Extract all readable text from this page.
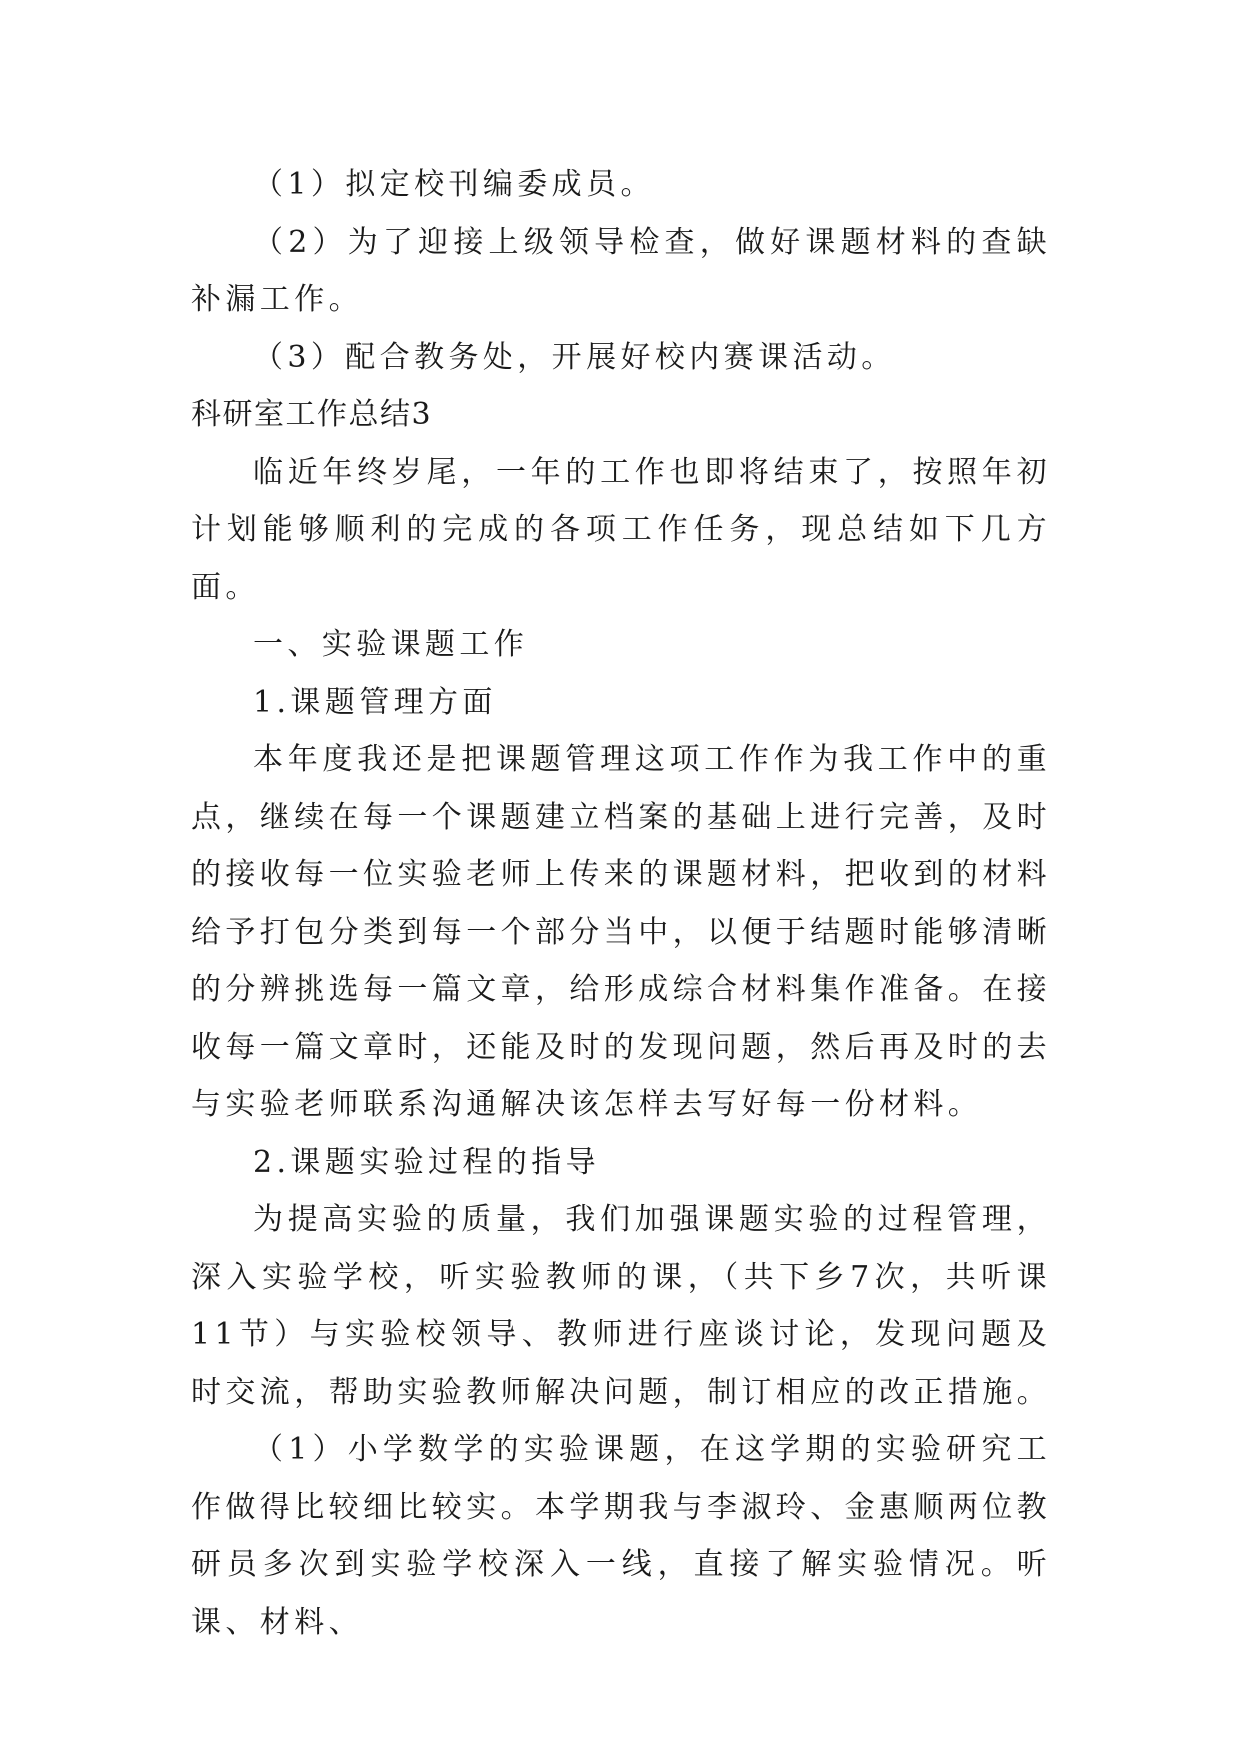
（1）拟定校刊编委成员。

（2）为了迎接上级领导检查，做好课题材料的查缺补漏工作。

（3）配合教务处，开展好校内赛课活动。

科研室工作总结3

临近年终岁尾，一年的工作也即将结束了，按照年初计划能够顺利的完成的各项工作任务，现总结如下几方面。

一、实验课题工作

1.课题管理方面

本年度我还是把课题管理这项工作作为我工作中的重点，继续在每一个课题建立档案的基础上进行完善，及时的接收每一位实验老师上传来的课题材料，把收到的材料给予打包分类到每一个部分当中，以便于结题时能够清晰的分辨挑选每一篇文章，给形成综合材料集作准备。在接收每一篇文章时，还能及时的发现问题，然后再及时的去与实验老师联系沟通解决该怎样去写好每一份材料。

2.课题实验过程的指导

为提高实验的质量，我们加强课题实验的过程管理，深入实验学校，听实验教师的课，（共下乡7次，共听课11节）与实验校领导、教师进行座谈讨论，发现问题及时交流，帮助实验教师解决问题，制订相应的改正措施。

（1）小学数学的实验课题，在这学期的实验研究工作做得比较细比较实。本学期我与李淑玲、金惠顺两位教研员多次到实验学校深入一线，直接了解实验情况。听课、材料、
